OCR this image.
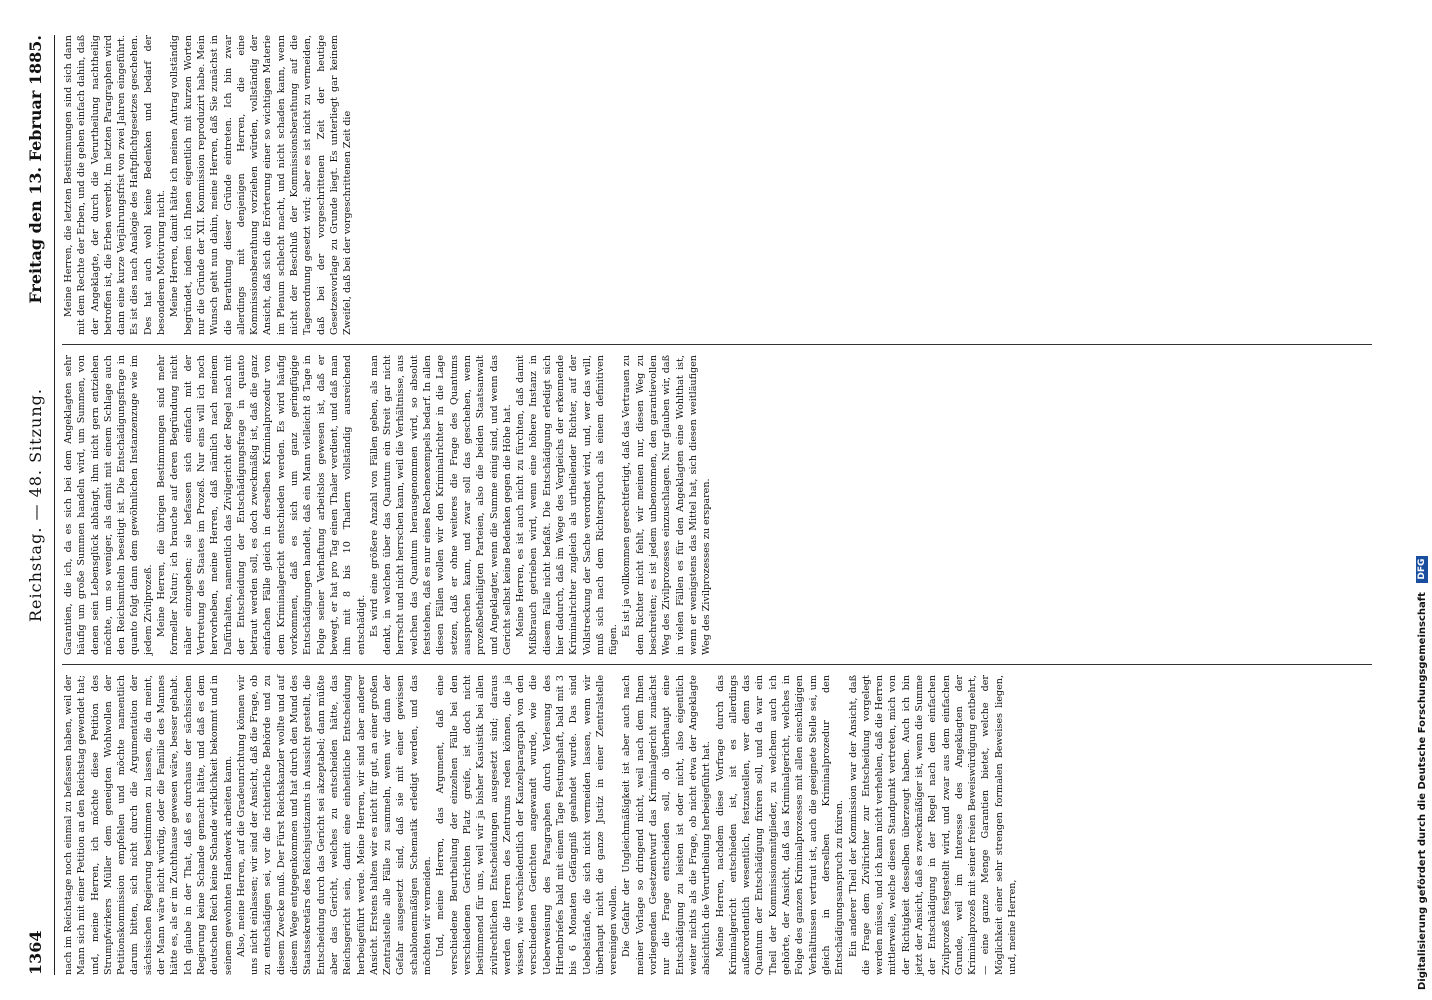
1364
Reichstag. — 48. Sitzung.
Freitag den 13. Februar 1885.

nach im Reichstage noch einmal zu befassen haben, weil der Mann sich mit einer Petition an den Reichstag gewendet hat; und, meine Herren, ich möchte diese Petition des Strumpfwirkers Müller dem geneigten Wohlwollen der Petitionskommission empfehlen und möchte namentlich darum bitten, sich nicht durch die Argumentation der sächsischen Regierung bestimmen zu lassen, die da meint, der Mann wäre nicht würdig, oder die Familie des Mannes hätte es, als er im Zuchthause gewesen wäre, besser gehabt. Ich glaube in der That, daß es durchaus der sächsischen Regierung keine Schande gemacht hätte, und daß es dem deutschen Reich keine Schande wirklichkeit bekommt und in seinem gewohnten Handwerk arbeiten kann. Also, meine Herren, auf die Gradeunrichtung können wir uns nicht einlassen; wir sind der Ansicht, daß die Frage, ob zu entschädigen sei, vor die richterliche Behörde und zu diesem Zwecke muß. Der Fürst Reichskanzler wollte und auf diesem Wege entgegenkommen und hat durch den Mund des Staatssekretärs des Reichsjustizamts in Aussicht gestellt, die Entscheidung durch das Gericht sei akzeptabel; dann müßte aber das Gericht, welches zu entscheiden hätte, das Reichsgericht sein, damit eine einheitliche Entscheidung herbeigeführt werde. Meine Herren, wir sind aber anderer Ansicht. Erstens halten wir es nicht für gut, an einer großen Zentralstelle alle Fälle zu sammeln, wenn wir dann der Gefahr ausgesetzt sind, daß sie mit einer gewissen schablonenmäßigen Schematik erledigt werden, und das möchten wir vermeiden. Und, meine Herren, das Argument, daß eine verschiedene Beurtheilung der einzelnen Fälle bei den verschiedenen Gerichten Platz greife, ist doch nicht bestimmend für uns, weil wir ja bisher Kasuistik bei allen zivilrechtlichen Entscheidungen ausgesetzt sind; daraus werden die Herren des Zentrums reden können, die ja wissen, wie verschiedentlich der Kanzelparagraph von den verschiedenen Gerichten angewandt wurde, wie die Ueberweisung des Paragraphen durch Verlesung des Hirtenbriefes bald mit einem Tage Festungshaft, bald mit 3 bis 6 Monaten Gefängniß geahndet wurde. Das sind Uebelstände, die sich nicht vermeiden lassen, wenn wir überhaupt nicht die ganze Justiz in einer Zentralstelle vereinigen wollen. Die Gefahr der Ungleichmäßigkeit ist aber auch nach meiner Vorlage so dringend nicht, weil nach dem Ihnen vorliegenden Gesetzentwurf das Kriminalgericht zunächst nur die Frage entscheiden soll, ob überhaupt eine Entschädigung zu leisten ist oder nicht, also eigentlich weiter nichts als die Frage, ob nicht etwa der Angeklagte absichtlich die Verurtheilung herbeigeführt hat. Meine Herren, nachdem diese Vorfrage durch das Kriminalgericht entschieden ist, ist es allerdings außerordentlich wesentlich, festzustellen, wer denn das Quantum der Entschädigung fixiren soll, und da war ein Theil der Kommissionsmitglieder, zu welchem auch ich gehörte, der Ansicht, daß das Kriminalgericht, welches in Folge des ganzen Kriminalprozesses mit allen einschlägigen Verhältnissen vertraut ist, auch die geeignete Stelle sei, um gleich in derselben Kriminalprozedur den Entschädigungsanspruch zu fixiren. Ein anderer Theil der Kommission war der Ansicht, daß die Frage dem Zivilrichter zur Entscheidung vorgelegt werden müsse, und ich kann nicht verhehlen, daß die Herren mittlerweile, welche diesen Standpunkt vertreten, mich von der Richtigkeit desselben überzeugt haben. Auch ich bin jetzt der Ansicht, daß es zweckmäßiger ist, wenn die Summe der Entschädigung in der Regel nach dem einfachen Zivilprozeß festgestellt wird, und zwar aus dem einfachen Grunde, weil im Interesse des Angeklagten der Kriminalprozeß mit seiner freien Beweiswürdigung entbehrt, — eine ganze Menge Garantien bietet, welche der Möglichkeit einer sehr strengen formalen Beweises liegen, und, meine Herren,

Garantien, die ich, da es sich bei dem Angeklagten sehr häufig um große Summen handeln wird, um Summen, von denen sein Lebensglück abhängt, ihm nicht gern entziehen möchte, um so weniger, als damit mit einem Schlage auch den Reichsmitteln beseitigt ist. Die Entschädigungsfrage in quanto folgt dann dem gewöhnlichen Instanzenzuge wie im jedem Zivilprozeß. Meine Herren, die übrigen Bestimmungen sind mehr formeller Natur; ich brauche auf deren Begründung nicht näher einzugehen; sie befassen sich einfach mit der Vertretung des Staates im Prozeß. Nur eins will ich noch hervorheben, meine Herren, daß nämlich nach meinem Dafürhalten, namentlich das Zivilgericht der Regel nach mit der Entscheidung der Entschädigungsfrage in quanto betraut werden soll, es doch zweckmäßig ist, daß die ganz einfachen Fälle gleich in derselben Kriminalprozedur von dem Kriminalgericht entschieden werden. Es wird häufig vorkommen, daß es sich um ganz geringfügige Entschädigungen handelt, daß ein Mann vielleicht 8 Tage in Folge seiner Verhaftung arbeitslos gewesen ist, daß er bewegt, er hat pro Tag einen Thaler verdient, und daß man ihm mit 8 bis 10 Thalern vollständig ausreichend entschädigt. Es wird eine größere Anzahl von Fällen geben, als man denkt, in welchen über das Quantum ein Streit gar nicht herrscht und nicht herrschen kann, weil die Verhältnisse, aus welchen das Quantum herausgenommen wird, so absolut feststehen, daß es nur eines Rechenexempels bedarf. In allen diesen Fällen wollen wir den Kriminalrichter in die Lage setzen, daß er ohne weiteres die Frage des Quantums aussprechen kann, und zwar soll das geschehen, wenn prozeßbetheiligten Parteien, also die beiden Staatsanwalt und Angeklagter, wenn die Summe einig sind, und wenn das Gericht selbst keine Bedenken gegen die Höhe hat. Meine Herren, es ist auch nicht zu fürchten, daß damit Mißbrauch getrieben wird, wenn eine höhere Instanz in diesem Falle nicht befaßt. Die Entschädigung erledigt sich hier dadurch, daß im Wege des Vergleichs der erkennende Kriminalrichter zugleich als urtheilender Richter, auf der Vollstreckung der Sache verordnet wird, und, wer das will, muß sich nach dem Richterspruch als einem definitiven fügen.

Es ist ja vollkommen gerechtfertigt, daß das Vertrauen zu dem Richter nicht fehlt, wir meinen nur, diesen Weg zu beschreiten; es ist jedem unbenommen, den garantievollen Weg des Zivilprozesses einzuschlagen. Nur glauben wir, daß in vielen Fällen es für den Angeklagten eine Wohlthat ist, wenn er wenigstens das Mittel hat, sich diesen weitläufigen Weg des Zivilprozesses zu ersparen.

Meine Herren, die letzten Bestimmungen sind sich dann mit dem Rechte der Erben, und die gehen einfach dahin, daß der Angeklagte, der durch die Verurtheilung nachtheilig betroffen ist, die Erben vererbt. Im letzten Paragraphen wird dann eine kurze Verjährungsfrist von zwei Jahren eingeführt. Es ist dies nach Analogie des Haftpflichtgesetzes geschehen. Des hat auch wohl keine Bedenken und bedarf der besonderen Motivirung nicht. Meine Herren, damit hätte ich meinen Antrag vollständig begründet, indem ich Ihnen eigentlich mit kurzen Worten nur die Gründe der XII. Kommission reproduzirt habe. Mein Wunsch geht nun dahin, meine Herren, daß Sie zunächst in die Berathung dieser Gründe eintreten. Ich bin zwar allerdings mit denjenigen Herren, die eine Kommissionsberathung vorziehen würden, vollständig der Ansicht, daß sich die Erörterung einer so wichtigen Materie im Plenum schlecht macht, und nicht schaden kann, wenn nicht der Beschluß der Kommissionsberathung auf die Tagesordnung gesetzt wird; aber es ist nicht zu vermeiden, daß bei der vorgeschrittenen Zeit der heutige Gesetzesvorlage zu Grunde liegt. Es unterliegt gar keinem Zweifel, daß bei der vorgeschrittenen Zeit die

Digitalisierung gefördert durch die Deutsche Forschungsgemeinschaft DFG
